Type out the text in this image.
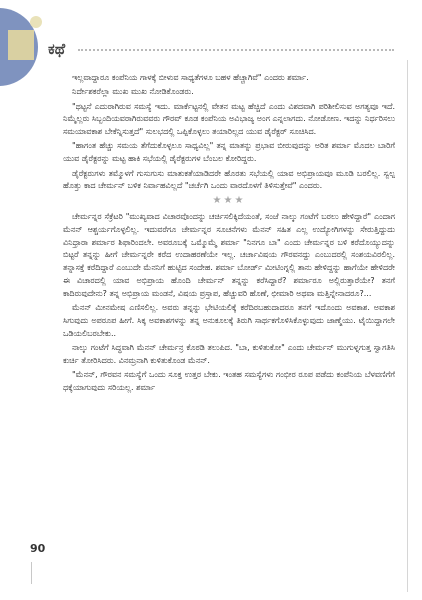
ಕಥೆ

ಇಲ್ಲವಾದ್ದಾರೂ ಕಂಪೆನಿಯ ಗಾಳಕ್ಕೆ ಬೀಳುವ ಸಾಧ್ಯತೆಗಳೂ ಬಹಳ ಹೆಚ್ಚಾಗಿವೆ" ಎಂದರು ಶರ್ಮಾ.

ನಿರ್ದೇಶಕರೆಲ್ಲಾ ಮುಖ ಮುಖ ನೋಡಿಕೊಂಡರು.

"ಥಟ್ಟನೆ ಎದುರಾಗಿರುವ ಸಮಸ್ಯೆ ಇದು. ಮಾರ್ಕೆಟ್ಟನಲ್ಲಿ ವೇತನ ಮಟ್ಟ ಹೆಚ್ಚಿದೆ ಎಂದು ವಿಶದವಾಗಿ ಪರಿಶೀಲಿಸುವ ಅಗತ್ಯವೂ ಇದೆ. ನಿಮ್ಮೆಲ್ಲರು ಸಿಬ್ಬಂದಿಯವರಾಗಿರುವವರು ಗೌರವ್ ಕೂಡ ಕಂಪೆನಿಯ ಅವಿಭಾಜ್ಯ ಅಂಗ ಎನ್ನಲಾಗದು. ನೋಡೋಣ. ಇದನ್ನು ನಿರ್ಧರಿಸಲು ಸಮಯಾವಕಾಶ ಬೇಕೆನ್ನಿಸುತ್ತದೆ" ಸುಲಭದಲ್ಲಿ ಒಪ್ಪಿಕೊಳ್ಳಲು ತಯಾರಿಲ್ಲದ ಯುವ ಡೈರೆಕ್ಟರ್ ಸೂಚಿಸಿದ.

"ಹಾಗಂತ ಹೆಚ್ಚು ಸಮಯ ತೆಗೆದುಕೊಳ್ಳಲೂ ಸಾಧ್ಯವಿಲ್ಲ" ತನ್ನ ಮಾತನ್ನು ಪ್ರಭಾವ ಬೀರುವುದನ್ನು ಅರಿತ ಶರ್ಮಾ ಮೊದಲ ಬಾರಿಗೆ ಯುವ ಡೈರೆಕ್ಟರನ್ನು ಮಟ್ಟ ಹಾಕಿ ಸಭೆಯಲ್ಲಿ ಡೈರೆಕ್ಟರುಗಳ ಬೆಂಬಲ ಕೋರಿದ್ದರು.

ಡೈರೆಕ್ಟರುಗಳು ತಮ್ಮೊಳಗೆ ಗುಸುಗುಸು ಮಾತುಕತೆಯಾಡಿದರೇ ಹೊರತು ಸಭೆಯಲ್ಲಿ ಯಾವ ಅಭಿಪ್ರಾಯವೂ ಮೂಡಿ ಬರಲಿಲ್ಲ. ಸ್ವಲ್ಪ ಹೊತ್ತು ಕಾದ ಚೇರ್ಮನ್ ಬಳಿಕ ನಿರ್ವಾಹವಿಲ್ಲದೆ "ಚರ್ಚೆಗಿ ಒಂದು ವಾರದೊಳಗೆ ತಿಳಿಸುತ್ತೇವೆ" ಎಂದರು.

★★★

ಚೇರ್ಮನ್ನರ ಸೆಕ್ರೆಟರಿ "ಮುಖ್ಯವಾದ ವಿಚಾರವೊಂದನ್ನು ಚರ್ಚಿಸಲಿಕ್ಕಿದೆಯಂತೆ, ಸಂಜೆ ನಾಲ್ಕು ಗಂಟೆಗೆ ಬರಲು ಹೇಳಿದ್ದಾರೆ" ಎಂದಾಗ ಮೆನನ್ ಆಶ್ಚರ್ಯಗೊಳ್ಳಲಿಲ್ಲ. ಇದುವರೆಗೂ ಚೇರ್ಮನ್ನರ ಸೂಚನೆಗಳು ಮೆನನ್ ಸಹಿತ ಎಲ್ಲ ಉದ್ಯೋಗಿಗಳನ್ನು ಸೇರುತ್ತಿದ್ದುದು ವಿನಿಧ್ರಾರಾ ಶರ್ಮಾರ ಶಿಫಾರಿಂದಲೇ. ಅವರೂಬಕ್ಕೆ ಒಮ್ಮೊಮ್ಮೆ ಶರ್ಮಾ "ನಿನಗೂ ಬಾ" ಎಂದು ಚೇರ್ಮನ್ನರ ಬಳಿ ಕರೆದೊಯ್ಯುದನ್ನು ಬಿಟ್ಟರೆ ತನ್ನನ್ನು ಹೀಗೆ ಚೇರ್ಮನ್ನರೇ ಕರೆದ ಉದಾಹರಣೆಯೇ ಇಲ್ಲ. ಚರ್ಚಾವಿಷಯ ಗೌರವನದ್ದು ಎಂಬುದರಲ್ಲಿ ಸಂಶಯವಿರಲಿಲ್ಲ. ತನ್ನಾಸಕ್ತೆ ಕರೆದಿದ್ದಾರೆ ಎಂಬುದೇ ಮೆನನಿಗೆ ಹುಟ್ಟಿದ ಸಂದೇಹ. ಶರ್ಮಾ ಬೋರ್ಡ್ ಮೀಟಿಂಗ್ನಲ್ಲಿ ತಾನು ಹೇಳಿದ್ದನ್ನು ಹಾಗೆಯೇ ಹೇಳಿದರೇ ಈ ವಿಚಾರದಲ್ಲಿ ಯಾವ ಅಭಿಪ್ರಾಯ ಹೊಂದಿ ಚೇರ್ಮನ್ ತನ್ನನ್ನು ಕರೆಸಿದ್ದಾರೆ? ಶರ್ಮಾರೂ ಅಲ್ಲಿರುತ್ತಾರೆಯೇ? ತನಗೆ ಕಾದಿರುವುದೇನು? ತನ್ನ ಅಭಿಪ್ರಾಯ ಮಂಡನೆ, ವಿಷಯ ಪ್ರಸ್ತಾಪ, ಹೆಚ್ಚುವರಿ ಹೊಣೆ, ಛೀಮಾರಿ ಅಥವಾ ಮತ್ತಿನ್ನೇನಾದರೂ?...

ಮೆನನ್ ಮೀನಮೇಷ ಎಣಿಸಲಿಲ್ಲ. ಅವರು ತನ್ನನ್ನು ಭೇಟಿಯಲಿಕ್ಕೆ ಕರೆದಿರಬಹುದಾದರೂ ತನಗೆ ಇದೊಂದು ಅವಕಾಶ. ಅವಕಾಶ ಸಿಗುವುದು ಅಪರೂಪ ಹೀಗೆ. ಸಿಕ್ಕ ಅವಕಾಶಗಳನ್ನು ತನ್ನ ಅನುಕೂಲಕ್ಕೆ ತಿರುಗಿ ಸಾರ್ಥಕಗೊಳಿಸಿಕೊಳ್ಳುವುದು ಜಾಣ್ಮೆಯು. ಟೈಯಿದ್ದಾಗಲೇ ಒಡಿಯಲಿಬರಬೇಕು..

ನಾಲ್ಕು ಗಂಟೆಗೆ ಸಿದ್ಧವಾಗಿ ಮೆನನ್ ಚೇರ್ಮನ್ರ ಕೊಠಡಿ ತಲುಪಿದ. "ಬಾ, ಕುಳಿತುಕೋ" ಎಂದು ಚೇರ್ಮನ್ ಮುಗುಳ್ನಗುತ್ತ ಸ್ವಾಗತಿಸಿ ಕುರ್ಚಿ ತೋರಿಸಿದರು. ವಿನಮ್ರನಾಗಿ ಕುಳಿತುಕೊಂಡ ಮೆನನ್.

"ಮೆನನ್, ಗೌರವನ ಸಮಸ್ಯೆಗೆ ಒಂದು ಸೂಕ್ತ ಉತ್ತರ ಬೇಕು. ಇಂತಹ ಸಮಸ್ಯೆಗಳು ಗಂಭೀರ ರೂಪ ಪಡೆದು ಕಂಪೆನಿಯ ಬೆಳವಣಿಗೆಗೆ ಧಕ್ಕೆಯಾಗುವುದು ಸರಿಯಲ್ಲ. ಶರ್ಮಾ

90
